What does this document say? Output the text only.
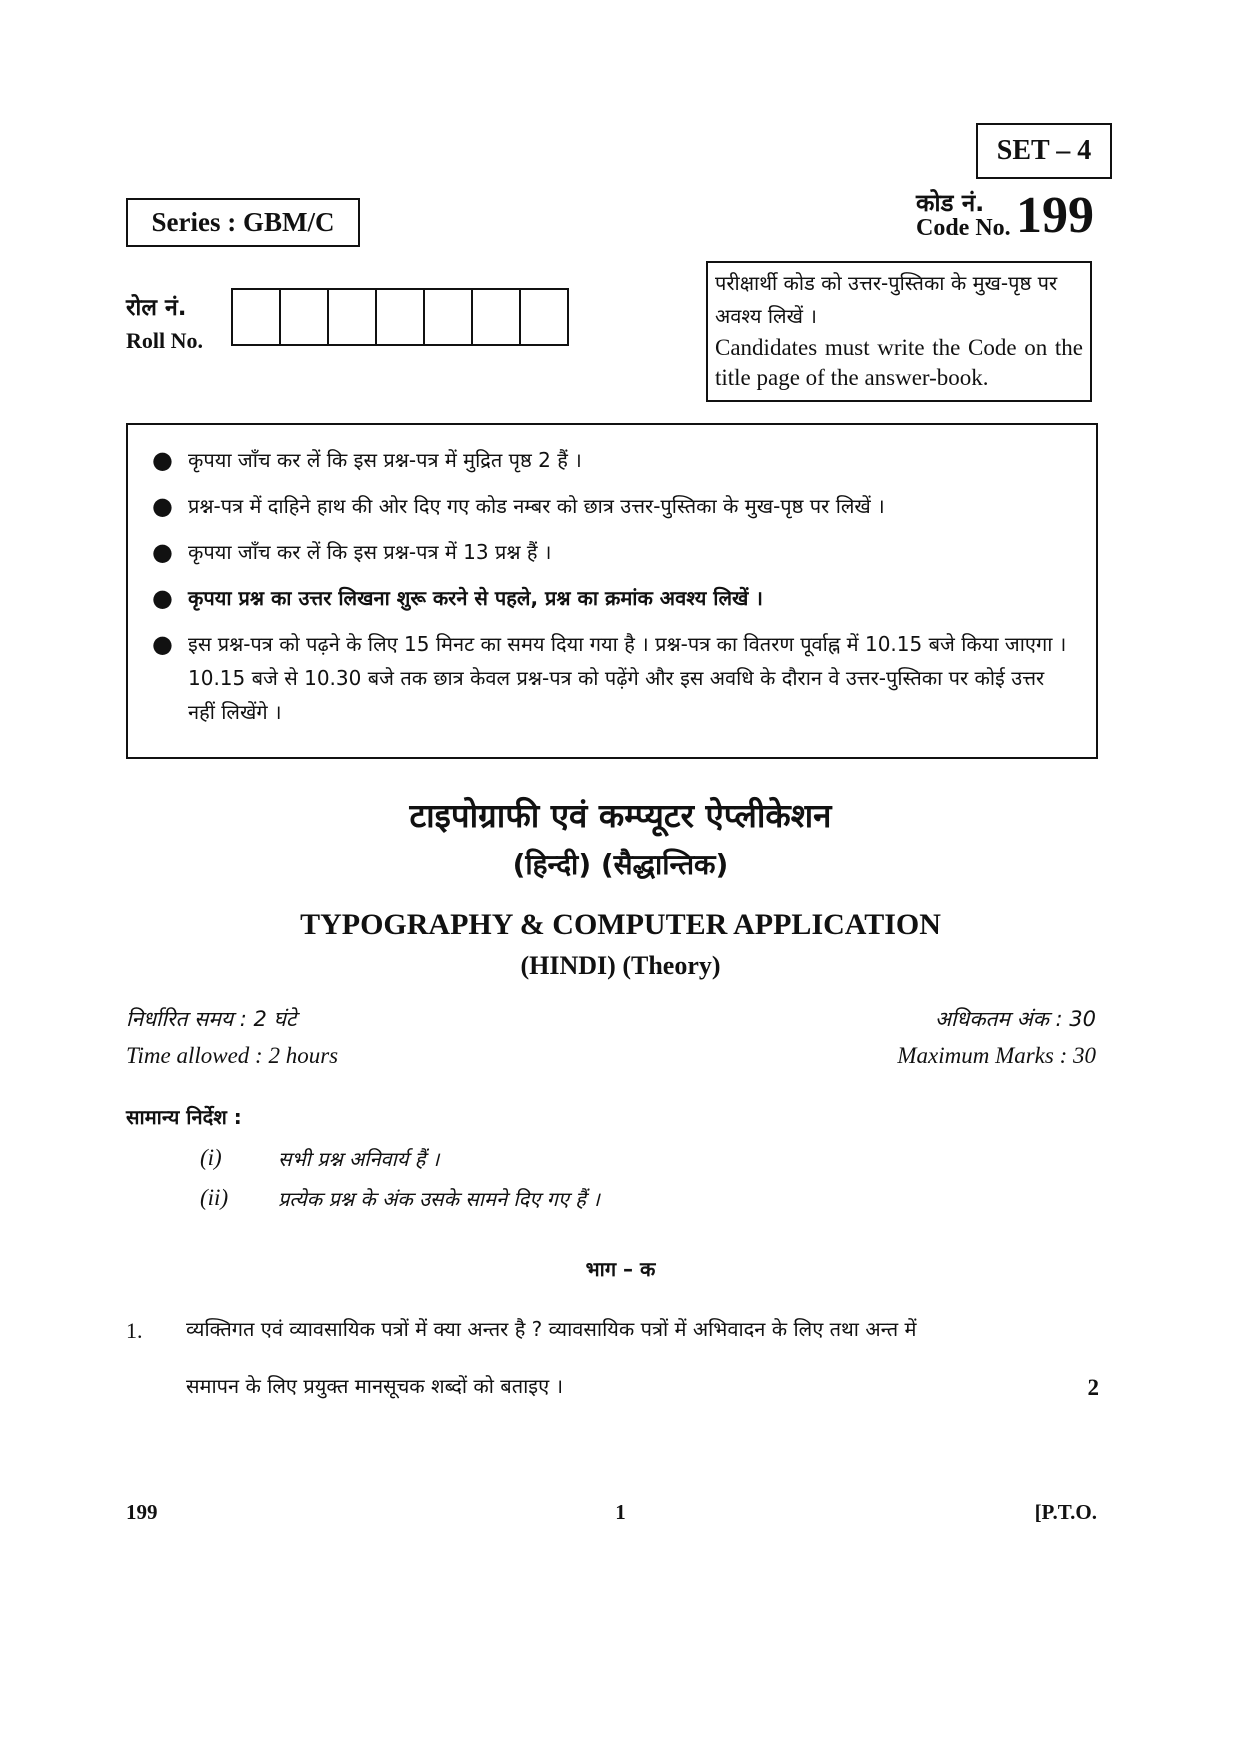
SET – 4
Series : GBM/C
कोड नं.
Code No. 199
रोल नं.
Roll No.
परीक्षार्थी कोड को उत्तर-पुस्तिका के मुख-पृष्ठ पर अवश्य लिखें ।
Candidates must write the Code on the title page of the answer-book.
● कृपया जाँच कर लें कि इस प्रश्न-पत्र में मुद्रित पृष्ठ 2 हैं ।
● प्रश्न-पत्र में दाहिने हाथ की ओर दिए गए कोड नम्बर को छात्र उत्तर-पुस्तिका के मुख-पृष्ठ पर लिखें ।
● कृपया जाँच कर लें कि इस प्रश्न-पत्र में 13 प्रश्न हैं ।
● कृपया प्रश्न का उत्तर लिखना शुरू करने से पहले, प्रश्न का क्रमांक अवश्य लिखें ।
● इस प्रश्न-पत्र को पढ़ने के लिए 15 मिनट का समय दिया गया है । प्रश्न-पत्र का वितरण पूर्वाह्न में 10.15 बजे किया जाएगा । 10.15 बजे से 10.30 बजे तक छात्र केवल प्रश्न-पत्र को पढ़ेंगे और इस अवधि के दौरान वे उत्तर-पुस्तिका पर कोई उत्तर नहीं लिखेंगे ।
टाइपोग्राफी एवं कम्प्यूटर ऐप्लीकेशन
(हिन्दी) (सैद्धान्तिक)
TYPOGRAPHY & COMPUTER APPLICATION
(HINDI) (Theory)
निर्धारित समय : 2 घंटे
Time allowed : 2 hours
अधिकतम अंक : 30
Maximum Marks : 30
सामान्य निर्देश :
(i)	सभी प्रश्न अनिवार्य हैं ।
(ii)	प्रत्येक प्रश्न के अंक उसके सामने दिए गए हैं ।
भाग – क
1. व्यक्तिगत एवं व्यावसायिक पत्रों में क्या अन्तर है ? व्यावसायिक पत्रों में अभिवादन के लिए तथा अन्त में
समापन के लिए प्रयुक्त मानसूचक शब्दों को बताइए ।	2
199	1	[P.T.O.
